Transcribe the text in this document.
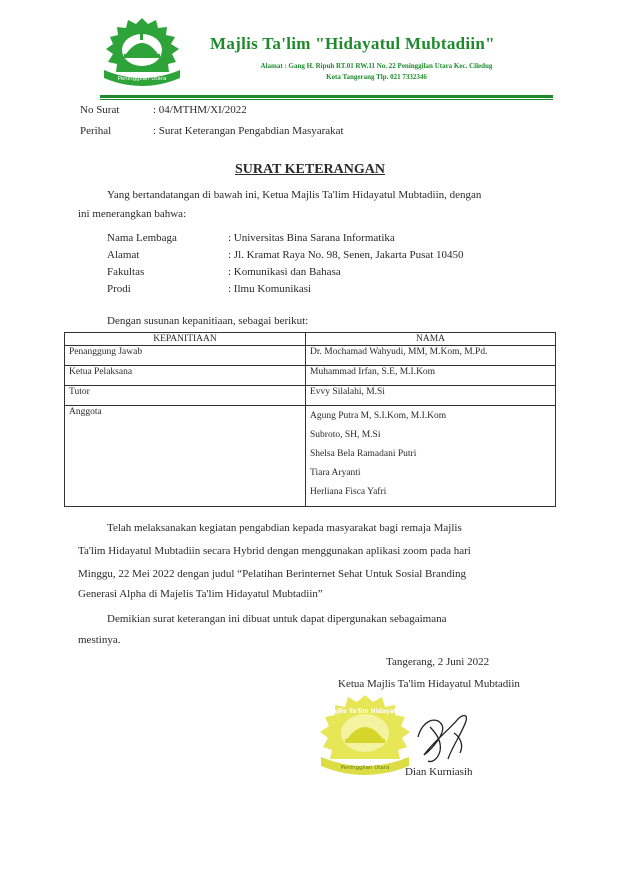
Peninggilan Utara
Majlis Ta'lim "Hidayatul Mubtadiin"
Alamat : Gang H. Ripuh RT.01 RW.11 No. 22 Peninggilan Utara Kec. Ciledug
Kota Tangerang Tlp. 021 7332346
No Surat	: 04/MTHM/XI/2022
Perihal	: Surat Keterangan Pengabdian Masyarakat
SURAT KETERANGAN
Yang bertandatangan di bawah ini, Ketua Majlis Ta'lim Hidayatul Mubtadiin, dengan
ini menerangkan bahwa:
Nama Lembaga	: Universitas Bina Sarana Informatika
Alamat	: Jl. Kramat Raya No. 98, Senen, Jakarta Pusat 10450
Fakultas	: Komunikasi dan Bahasa
Prodi	: Ilmu Komunikasi
Dengan susunan kepanitiaan, sebagai berikut:
KEPANITIAAN	NAMA
Penanggung Jawab	Dr. Mochamad Wahyudi, MM, M.Kom, M.Pd.
Ketua Pelaksana	Muhammad Irfan, S.E, M.I.Kom
Tutor	Evvy Silalahi, M.Si
Anggota	Agung Putra M, S.I.Kom, M.I.Kom
Subroto, SH, M.Si
Shelsa Bela Ramadani Putri
Tiara Aryanti
Herliana Fisca Yafri
Telah melaksanakan kegiatan pengabdian kepada masyarakat bagi remaja Majlis
Ta'lim Hidayatul Mubtadiin secara Hybrid dengan menggunakan aplikasi zoom pada hari
Minggu, 22 Mei 2022 dengan judul “Pelatihan Berinternet Sehat Untuk Sosial Branding
Generasi Alpha di Majelis Ta'lim Hidayatul Mubtadiin”
Demikian surat keterangan ini dibuat untuk dapat dipergunakan sebagaimana
mestinya.
Tangerang, 2 Juni 2022
Ketua Majlis Ta'lim Hidayatul Mubtadiin
Majlis Ta'lim Hidayatul
Peninggilan Utara Dian Kurniasih
